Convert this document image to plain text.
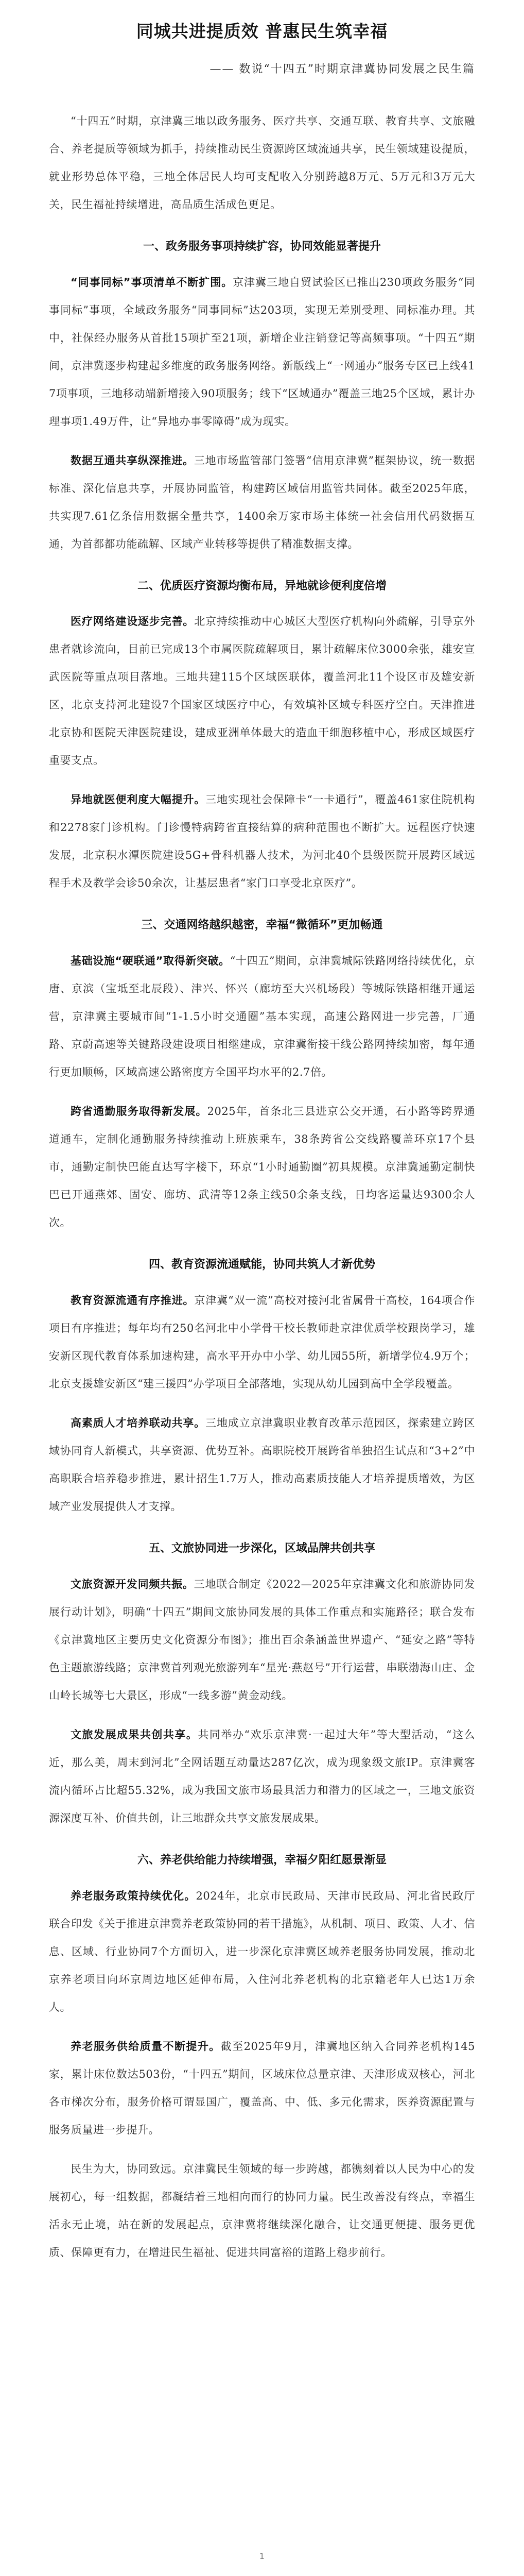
同城共进提质效 普惠民生筑幸福
—— 数说“十四五”时期京津冀协同发展之民生篇
“十四五”时期，京津冀三地以政务服务、医疗共享、交通互联、教育共享、文旅融合、养老提质等领域为抓手，持续推动民生资源跨区域流通共享，民生领域建设提质，就业形势总体平稳，三地全体居民人均可支配收入分别跨越8万元、5万元和3万元大关，民生福祉持续增进，高品质生活成色更足。
一、政务服务事项持续扩容，协同效能显著提升
“同事同标”事项清单不断扩围。京津冀三地自贸试验区已推出230项政务服务“同事同标”事项，全域政务服务“同事同标”达203项，实现无差别受理、同标准办理。其中，社保经办服务从首批15项扩至21项，新增企业注销登记等高频事项。“十四五”期间，京津冀逐步构建起多维度的政务服务网络。新版线上“一网通办”服务专区已上线417项事项，三地移动端新增接入90项服务；线下“区域通办”覆盖三地25个区域，累计办理事项1.49万件，让“异地办事零障碍”成为现实。
数据互通共享纵深推进。三地市场监管部门签署“信用京津冀”框架协议，统一数据标准、深化信息共享，开展协同监管，构建跨区域信用监管共同体。截至2025年底，共实现7.61亿条信用数据全量共享，1400余万家市场主体统一社会信用代码数据互通，为首都都功能疏解、区域产业转移等提供了精准数据支撑。
二、优质医疗资源均衡布局，异地就诊便利度倍增
医疗网络建设逐步完善。北京持续推动中心城区大型医疗机构向外疏解，引导京外患者就诊流向，目前已完成13个市属医院疏解项目，累计疏解床位3000余张，雄安宣武医院等重点项目落地。三地共建115个区域医联体，覆盖河北11个设区市及雄安新区，北京支持河北建设7个国家区域医疗中心，有效填补区域专科医疗空白。天津推进北京协和医院天津医院建设，建成亚洲单体最大的造血干细胞移植中心，形成区域医疗重要支点。
异地就医便利度大幅提升。三地实现社会保障卡“一卡通行”，覆盖461家住院机构和2278家门诊机构。门诊慢特病跨省直接结算的病种范围也不断扩大。远程医疗快速发展，北京积水潭医院建设5G+骨科机器人技术，为河北40个县级医院开展跨区域远程手术及教学会诊50余次，让基层患者“家门口享受北京医疗”。
三、交通网络越织越密，幸福“微循环”更加畅通
基础设施“硬联通”取得新突破。“十四五”期间，京津冀城际铁路网络持续优化，京唐、京滨（宝坻至北辰段）、津兴、怀兴（廊坊至大兴机场段）等城际铁路相继开通运营，京津冀主要城市间“1-1.5小时交通圈”基本实现，高速公路网进一步完善，厂通路、京蔚高速等关键路段建设项目相继建成，京津冀衔接干线公路网持续加密，每年通行更加顺畅，区域高速公路密度方全国平均水平的2.7倍。
跨省通勤服务取得新发展。2025年，首条北三县进京公交开通，石小路等跨界通道通车，定制化通勤服务持续推动上班族乘车，38条跨省公交线路覆盖环京17个县市，通勤定制快巴能直达写字楼下，环京“1小时通勤圈”初具规模。京津冀通勤定制快巴已开通燕郊、固安、廊坊、武清等12条主线50余条支线，日均客运量达9300余人次。
四、教育资源流通赋能，协同共筑人才新优势
教育资源流通有序推进。京津冀“双一流”高校对接河北省属骨干高校，164项合作项目有序推进；每年均有250名河北中小学骨干校长教师赴京津优质学校跟岗学习，雄安新区现代教育体系加速构建，高水平开办中小学、幼儿园55所，新增学位4.9万个；北京支援雄安新区“建三援四”办学项目全部落地，实现从幼儿园到高中全学段覆盖。
高素质人才培养联动共享。三地成立京津冀职业教育改革示范园区，探索建立跨区域协同育人新模式，共享资源、优势互补。高职院校开展跨省单独招生试点和“3+2”中高职联合培养稳步推进，累计招生1.7万人，推动高素质技能人才培养提质增效，为区域产业发展提供人才支撑。
五、文旅协同进一步深化，区域品牌共创共享
文旅资源开发同频共振。三地联合制定《2022—2025年京津冀文化和旅游协同发展行动计划》，明确“十四五”期间文旅协同发展的具体工作重点和实施路径；联合发布《京津冀地区主要历史文化资源分布图》；推出百余条涵盖世界遗产、“延安之路”等特色主题旅游线路；京津冀首列观光旅游列车“星光·燕赵号”开行运营，串联渤海山庄、金山岭长城等七大景区，形成“一线多游”黄金动线。
文旅发展成果共创共享。共同举办“欢乐京津冀·一起过大年”等大型活动，“这么近，那么美，周末到河北”全网话题互动量达287亿次，成为现象级文旅IP。京津冀客流内循环占比超55.32%，成为我国文旅市场最具活力和潜力的区域之一，三地文旅资源深度互补、价值共创，让三地群众共享文旅发展成果。
六、养老供给能力持续增强，幸福夕阳红愿景渐显
养老服务政策持续优化。2024年，北京市民政局、天津市民政局、河北省民政厅联合印发《关于推进京津冀养老政策协同的若干措施》，从机制、项目、政策、人才、信息、区域、行业协同7个方面切入，进一步深化京津冀区域养老服务协同发展，推动北京养老项目向环京周边地区延伸布局，入住河北养老机构的北京籍老年人已达1万余人。
养老服务供给质量不断提升。截至2025年9月，津冀地区纳入合同养老机构145家，累计床位数达503份，“十四五”期间，区域床位总量京津、天津形成双核心，河北各市梯次分布，服务价格可谓显国广，覆盖高、中、低、多元化需求，医养资源配置与服务质量进一步提升。
民生为大，协同致远。京津冀民生领域的每一步跨越，都镌刻着以人民为中心的发展初心，每一组数据，都凝结着三地相向而行的协同力量。民生改善没有终点，幸福生活永无止境，站在新的发展起点，京津冀将继续深化融合，让交通更便捷、服务更优质、保障更有力，在增进民生福祉、促进共同富裕的道路上稳步前行。
1
